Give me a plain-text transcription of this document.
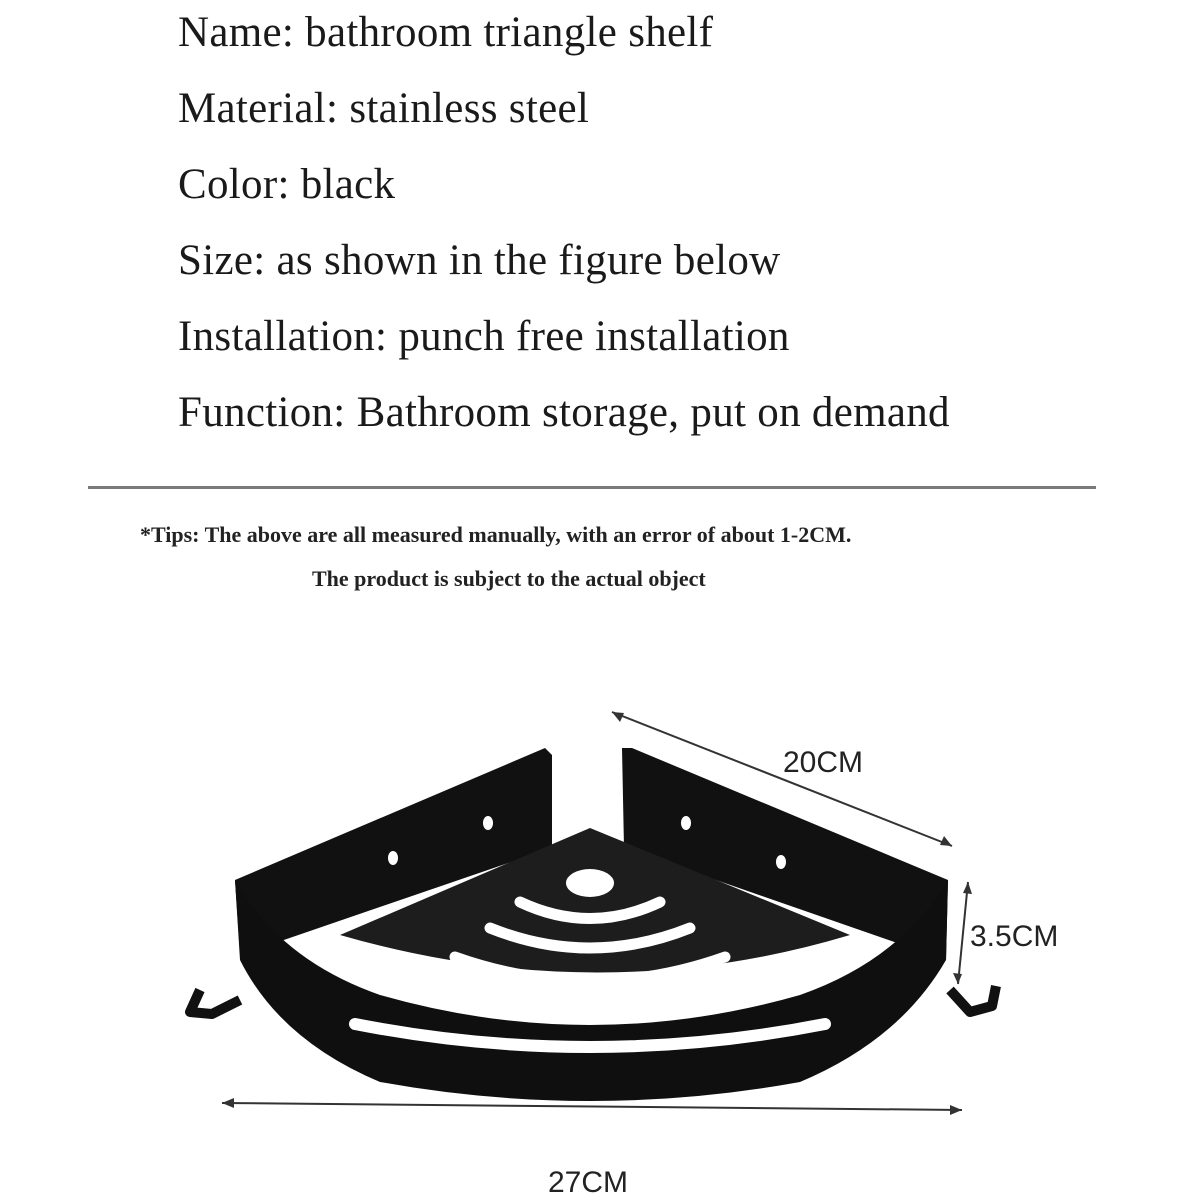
Name: bathroom triangle shelf
Material: stainless steel
Color: black
Size: as shown in the figure below
Installation: punch free installation
Function: Bathroom storage, put on demand
*Tips: The above are all measured manually, with an error of about 1-2CM.
The product is subject to the actual object
20CM
3.5CM
27CM
